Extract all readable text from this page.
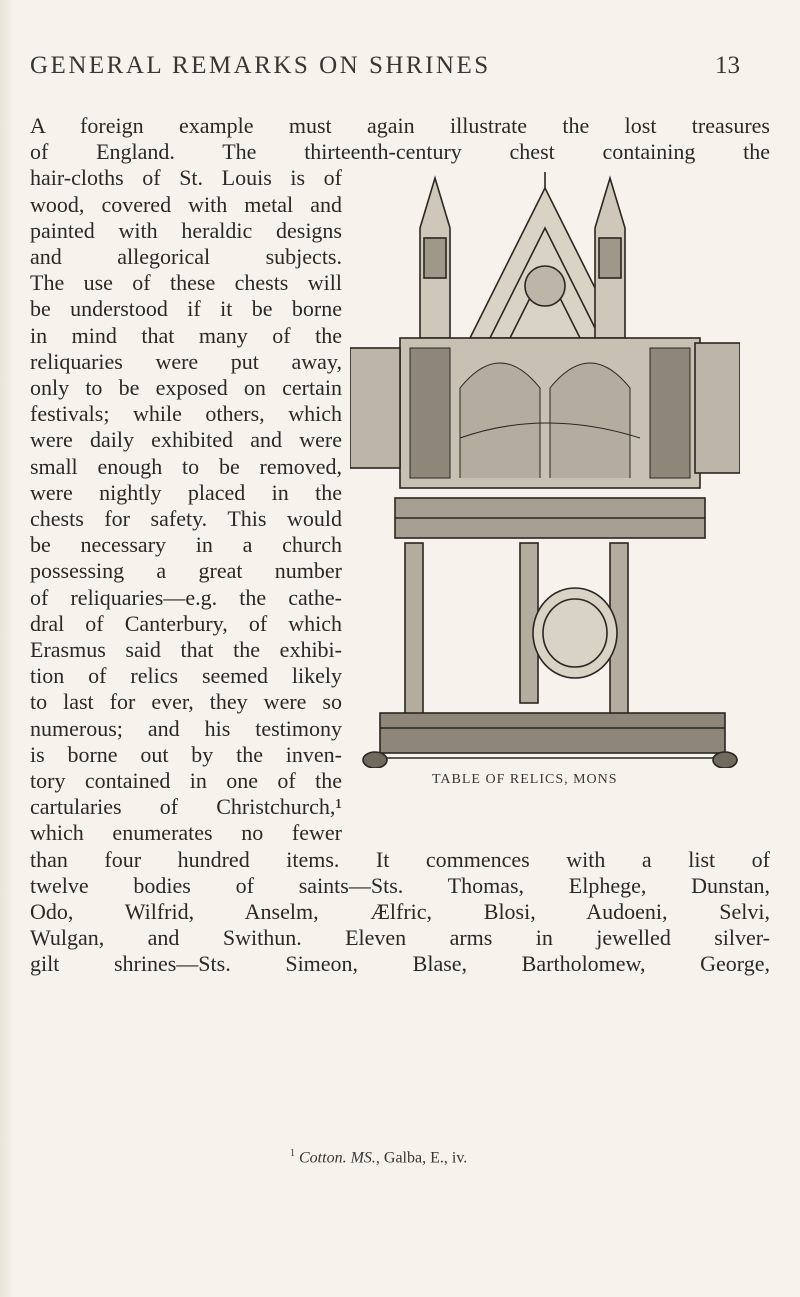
GENERAL REMARKS ON SHRINES	13
A foreign example must again illustrate the lost treasures
of England. The thirteenth-century chest containing the
hair-cloths of St. Louis is of
wood, covered with metal and
painted with heraldic designs
and allegorical subjects.
The use of these chests will
be understood if it be borne
in mind that many of the
reliquaries were put away,
only to be exposed on certain
festivals; while others, which
were daily exhibited and were
small enough to be removed,
were nightly placed in the
chests for safety. This would
be necessary in a church
possessing a great number
of reliquaries—e.g. the cathe-
dral of Canterbury, of which
Erasmus said that the exhibi-
tion of relics seemed likely
to last for ever, they were so
numerous; and his testimony
is borne out by the inven-
tory contained in one of the
cartularies of Christchurch,¹
which enumerates no fewer
than four hundred items. It commences with a list of
twelve bodies of saints—Sts. Thomas, Elphege, Dunstan,
Odo, Wilfrid, Anselm, Ælfric, Blosi, Audoeni, Selvi,
Wulgan, and Swithun. Eleven arms in jewelled silver-
gilt shrines—Sts. Simeon, Blase, Bartholomew, George,
TABLE OF RELICS, MONS
$^1$ Cotton. MS., Galba, E., iv.
